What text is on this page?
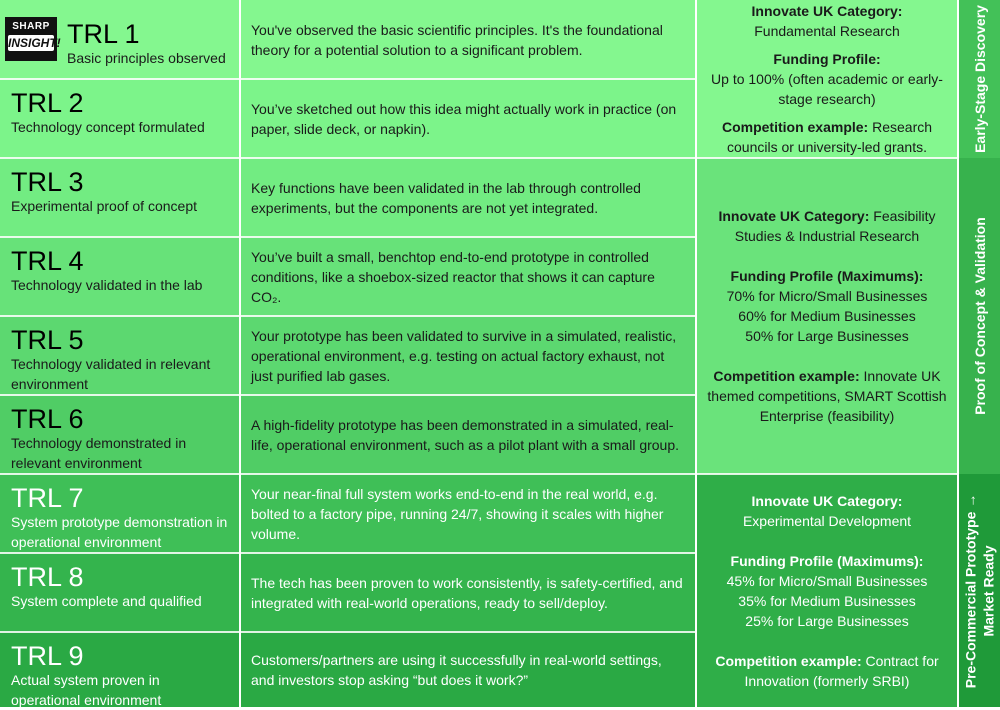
TRL 1
Basic principles observed
You've observed the basic scientific principles. It's the foundational theory for a potential solution to a significant problem.
TRL 2
Technology concept formulated
You’ve sketched out how this idea might actually work in practice (on paper, slide deck, or napkin).
TRL 3
Experimental proof of concept
Key functions have been validated in the lab through controlled experiments, but the components are not yet integrated.
TRL 4
Technology validated in the lab
You’ve built a small, benchtop end-to-end prototype in controlled conditions, like a shoebox-sized reactor that shows it can capture CO₂.
TRL 5
Technology validated in relevant environment
Your prototype has been validated to survive in a simulated, realistic, operational environment, e.g. testing on actual factory exhaust, not just purified lab gases.
TRL 6
Technology demonstrated in relevant environment
A high-fidelity prototype has been demonstrated in a simulated, real-life, operational environment, such as a pilot plant with a small group.
TRL 7
System prototype demonstration in operational environment
Your near-final full system works end-to-end in the real world, e.g. bolted to a factory pipe, running 24/7, showing it scales with higher volume.
TRL 8
System complete and qualified
The tech has been proven to work consistently, is safety-certified, and integrated with real-world operations, ready to sell/deploy.
TRL 9
Actual system proven in operational environment
Customers/partners are using it successfully in real-world settings, and investors stop asking “but does it work?”

Innovate UK Category:
Fundamental Research

Funding Profile:
Up to 100% (often academic or early-stage research)

Competition example: Research councils or university-led grants.

Innovate UK Category: Feasibility Studies & Industrial Research

Funding Profile (Maximums):
70% for Micro/Small Businesses
60% for Medium Businesses
50% for Large Businesses

Competition example: Innovate UK themed competitions, SMART Scottish Enterprise (feasibility)

Innovate UK Category:
Experimental Development

Funding Profile (Maximums):
45% for Micro/Small Businesses
35% for Medium Businesses
25% for Large Businesses

Competition example: Contract for Innovation (formerly SRBI)

Early-Stage Discovery
Proof of Concept & Validation
Pre-Commercial Prototype → Market Ready
SHARP
INSIGHT!
